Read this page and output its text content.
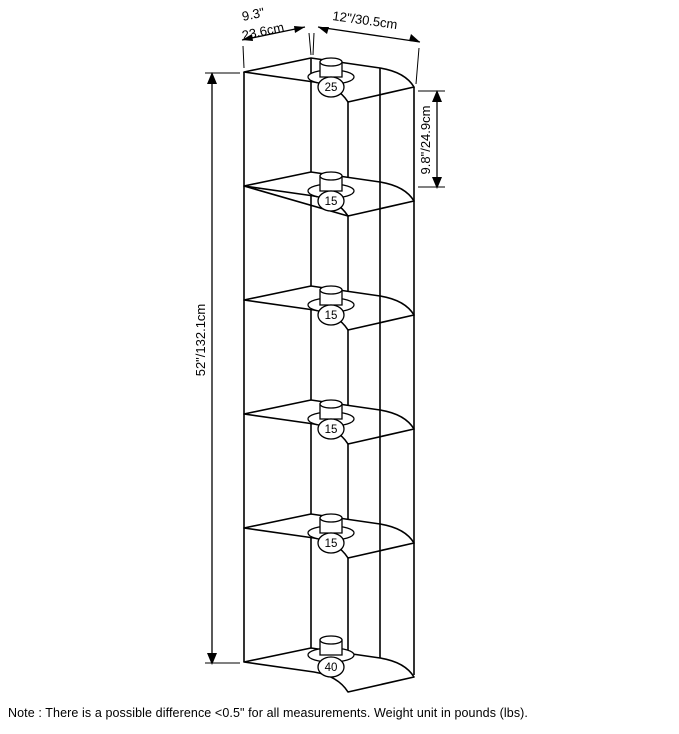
25
15
15
15
15
40
9.3"
23.6cm	12"/30.5cm
52"/132.1cm
9.8"/24.9cm
Note : There is a possible difference <0.5" for all measurements. Weight unit in pounds (lbs).
